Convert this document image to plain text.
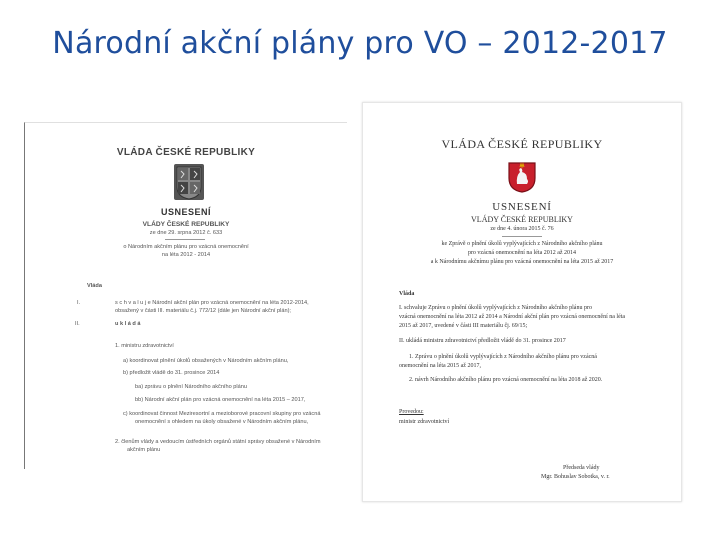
Národní akční plány pro VO – 2012-2017
VLÁDA ČESKÉ REPUBLIKY
USNESENÍ
VLÁDY ČESKÉ REPUBLIKY
ze dne 29. srpna 2012 č. 633
o Národním akčním plánu pro vzácná onemocnění
na léta 2012 - 2014
Vláda
I.	s c h v a l u j e Národní akční plán pro vzácná onemocnění na léta 2012-2014,
obsažený v části III. materiálu č.j. 772/12 (dále jen Národní akční plán);
II.	u k l á d á
1. ministru zdravotnictví
a) koordinovat plnění úkolů obsažených v Národním akčním plánu,
b) předložit vládě do 31. prosince 2014
ba) zprávu o plnění Národního akčního plánu
bb) Národní akční plán pro vzácná onemocnění na léta 2015 – 2017,
c) koordinovat činnost Meziresortní a mezioborové pracovní skupiny pro vzácná
onemocnění s ohledem na úkoly obsažené v Národním akčním plánu,
2. členům vlády a vedoucím ústředních orgánů státní správy obsažené v Národním
akčním plánu
VLÁDA ČESKÉ REPUBLIKY
USNESENÍ
VLÁDY ČESKÉ REPUBLIKY
ze dne 4. února 2015 č. 76
ke Zprávě o plnění úkolů vyplývajících z Národního akčního plánu
pro vzácná onemocnění na léta 2012 až 2014
a k Národnímu akčnímu plánu pro vzácná onemocnění na léta 2015 až 2017
Vláda
I. schvaluje Zprávu o plnění úkolů vyplývajících z Národního akčního plánu pro
vzácná onemocnění na léta 2012 až 2014 a Národní akční plán pro vzácná onemocnění na léta
2015 až 2017, uvedené v části III materiálu čj. 69/15;
II. ukládá ministru zdravotnictví předložit vládě do 31. prosince 2017
1. Zprávu o plnění úkolů vyplývajících z Národního akčního plánu pro vzácná
onemocnění na léta 2015 až 2017,
2. návrh Národního akčního plánu pro vzácná onemocnění na léta 2018 až 2020.
Provedou:
ministr zdravotnictví
Předseda vlády
Mgr. Bohuslav Sobotka, v. r.
